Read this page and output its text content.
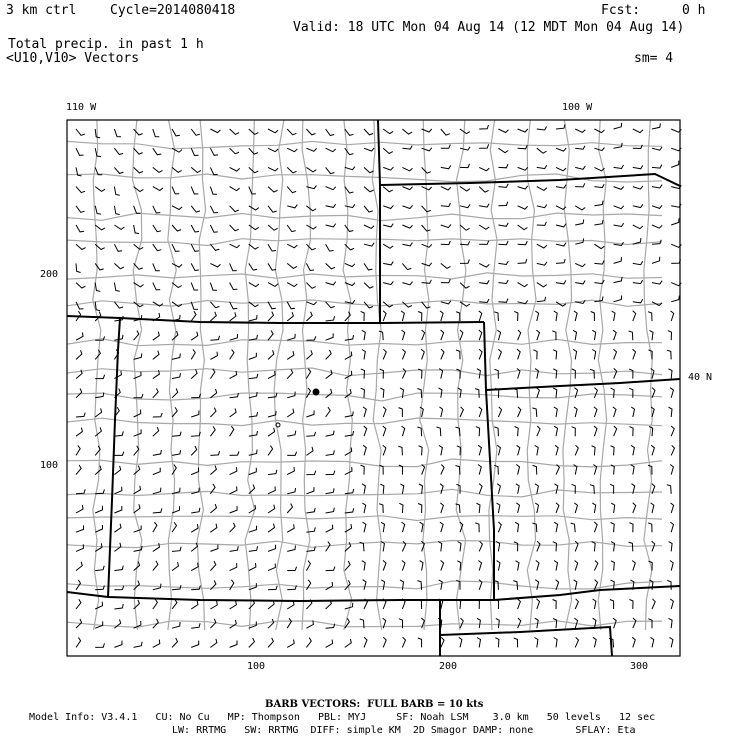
3 km ctrl	Cycle=2014080418	Fcst:	0 h
Valid: 18 UTC Mon 04 Aug 14 (12 MDT Mon 04 Aug 14)
Total precip. in past 1 h
<U10,V10> Vectors	sm= 4
110 W	100 W
200
100
100	200	300
40 N
BARB VECTORS:  FULL BARB = 10 kts
Model Info: V3.4.1   CU: No Cu   MP: Thompson   PBL: MYJ     SF: Noah LSM    3.0 km   50 levels   12 sec
LW: RRTMG   SW: RRTMG  DIFF: simple KM  2D Smagor DAMP: none       SFLAY: Eta
